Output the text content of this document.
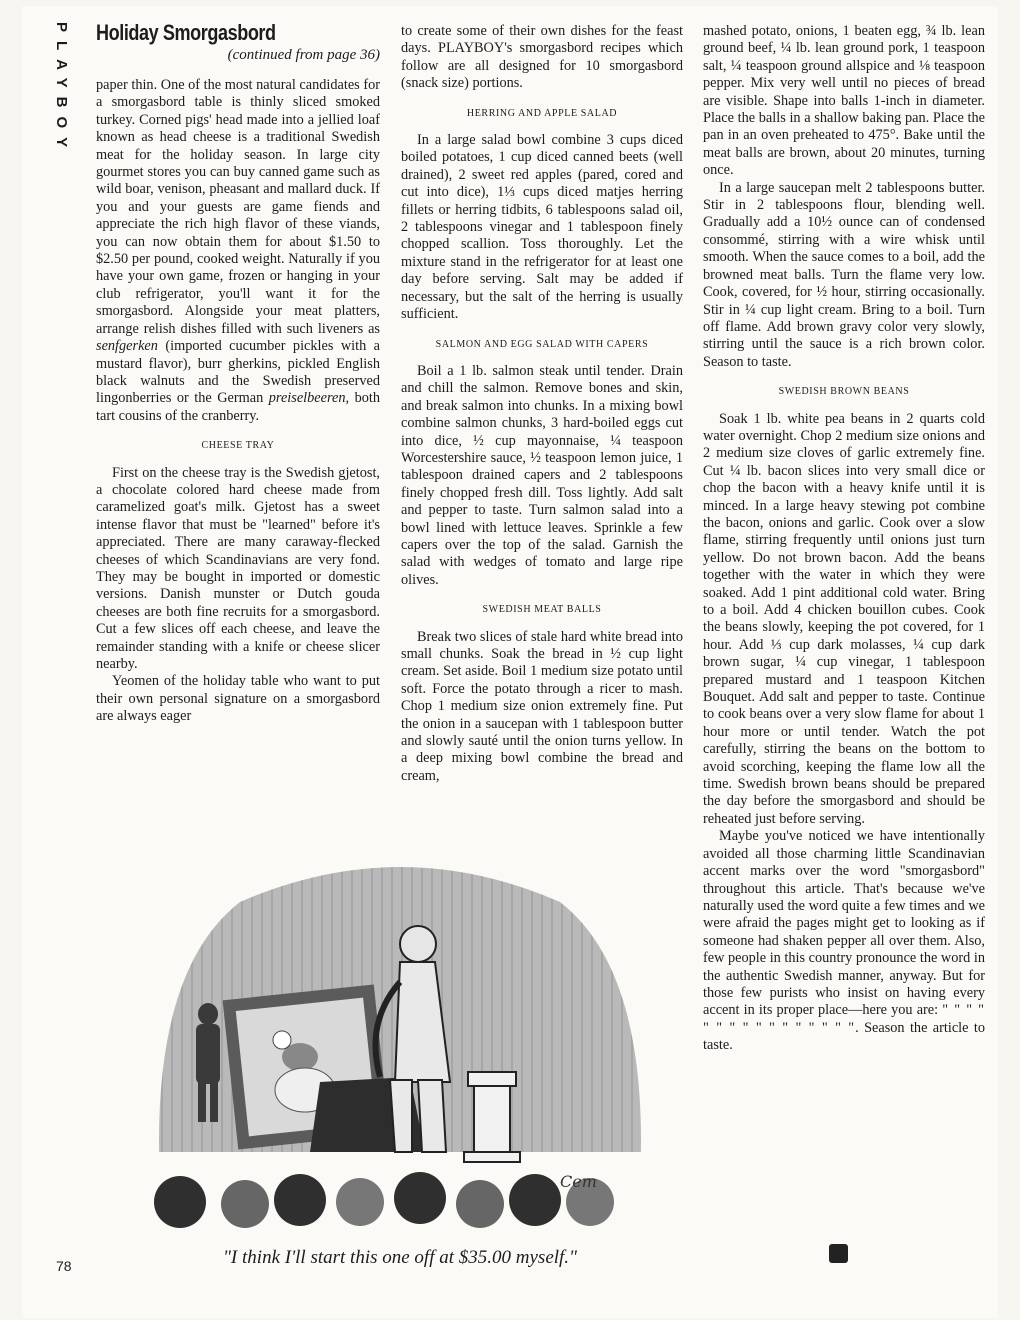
PLAYBOY Holiday Smorgasbord
(continued from page 36)

paper thin. One of the most natural candidates for a smorgasbord table is thinly sliced smoked turkey. Corned pigs' head made into a jellied loaf known as head cheese is a traditional Swedish meat for the holiday season. In large city gourmet stores you can buy canned game such as wild boar, venison, pheasant and mallard duck. If you and your guests are game fiends and appreciate the rich high flavor of these viands, you can now obtain them for about $1.50 to $2.50 per pound, cooked weight. Naturally if you have your own game, frozen or hanging in your club refrigerator, you'll want it for the smorgasbord. Alongside your meat platters, arrange relish dishes filled with such liveners as senfgerken (imported cucumber pickles with a mustard flavor), burr gherkins, pickled English black walnuts and the Swedish preserved lingonberries or the German preiselbeeren, both tart cousins of the cranberry.

CHEESE TRAY

First on the cheese tray is the Swedish gjetost, a chocolate colored hard cheese made from caramelized goat's milk. Gjetost has a sweet intense flavor that must be "learned" before it's appreciated. There are many caraway-flecked cheeses of which Scandinavians are very fond. They may be bought in imported or domestic versions. Danish munster or Dutch gouda cheeses are both fine recruits for a smorgasbord. Cut a few slices off each cheese, and leave the remainder standing with a knife or cheese slicer nearby.

Yeomen of the holiday table who want to put their own personal signature on a smorgasbord are always eager

to create some of their own dishes for the feast days. PLAYBOY's smorgasbord recipes which follow are all designed for 10 smorgasbord (snack size) portions.

HERRING AND APPLE SALAD

In a large salad bowl combine 3 cups diced boiled potatoes, 1 cup diced canned beets (well drained), 2 sweet red apples (pared, cored and cut into dice), 1⅓ cups diced matjes herring fillets or herring tidbits, 6 tablespoons salad oil, 2 tablespoons vinegar and 1 tablespoon finely chopped scallion. Toss thoroughly. Let the mixture stand in the refrigerator for at least one day before serving. Salt may be added if necessary, but the salt of the herring is usually sufficient.

SALMON AND EGG SALAD WITH CAPERS

Boil a 1 lb. salmon steak until tender. Drain and chill the salmon. Remove bones and skin, and break salmon into chunks. In a mixing bowl combine salmon chunks, 3 hard-boiled eggs cut into dice, ½ cup mayonnaise, ¼ teaspoon Worcestershire sauce, ½ teaspoon lemon juice, 1 tablespoon drained capers and 2 tablespoons finely chopped fresh dill. Toss lightly. Add salt and pepper to taste. Turn salmon salad into a bowl lined with lettuce leaves. Sprinkle a few capers over the top of the salad. Garnish the salad with wedges of tomato and large ripe olives.

SWEDISH MEAT BALLS

Break two slices of stale hard white bread into small chunks. Soak the bread in ½ cup light cream. Set aside. Boil 1 medium size potato until soft. Force the potato through a ricer to mash. Chop 1 medium size onion extremely fine. Put the onion in a saucepan with 1 tablespoon butter and slowly sauté until the onion turns yellow. In a deep mixing bowl combine the bread and cream,

mashed potato, onions, 1 beaten egg, ¾ lb. lean ground beef, ¼ lb. lean ground pork, 1 teaspoon salt, ¼ teaspoon ground allspice and ⅛ teaspoon pepper. Mix very well until no pieces of bread are visible. Shape into balls 1-inch in diameter. Place the balls in a shallow baking pan. Place the pan in an oven preheated to 475°. Bake until the meat balls are brown, about 20 minutes, turning once.

In a large saucepan melt 2 tablespoons butter. Stir in 2 tablespoons flour, blending well. Gradually add a 10½ ounce can of condensed consommé, stirring with a wire whisk until smooth. When the sauce comes to a boil, add the browned meat balls. Turn the flame very low. Cook, covered, for ½ hour, stirring occasionally. Stir in ¼ cup light cream. Bring to a boil. Turn off flame. Add brown gravy color very slowly, stirring until the sauce is a rich brown color. Season to taste.

SWEDISH BROWN BEANS

Soak 1 lb. white pea beans in 2 quarts cold water overnight. Chop 2 medium size onions and 2 medium size cloves of garlic extremely fine. Cut ¼ lb. bacon slices into very small dice or chop the bacon with a heavy knife until it is minced. In a large heavy stewing pot combine the bacon, onions and garlic. Cook over a slow flame, stirring frequently until onions just turn yellow. Do not brown bacon. Add the beans together with the water in which they were soaked. Add 1 pint additional cold water. Bring to a boil. Add 4 chicken bouillon cubes. Cook the beans slowly, keeping the pot covered, for 1 hour. Add ⅓ cup dark molasses, ¼ cup dark brown sugar, ¼ cup vinegar, 1 tablespoon prepared mustard and 1 teaspoon Kitchen Bouquet. Add salt and pepper to taste. Continue to cook beans over a very slow flame for about 1 hour more or until tender. Watch the pot carefully, stirring the beans on the bottom to avoid scorching, keeping the flame low all the time. Swedish brown beans should be prepared the day before the smorgasbord and should be reheated just before serving.

Maybe you've noticed we have intentionally avoided all those charming little Scandinavian accent marks over the word "smorgasbord" throughout this article. That's because we've naturally used the word quite a few times and we were afraid the pages might get to looking as if someone had shaken pepper all over them. Also, few people in this country pronounce the word in the authentic Swedish manner, anyway. But for those few purists who insist on having every accent in its proper place—here you are: " " " " " " " " " " " " " " " ". Season the article to taste.

Cem
"I think I'll start this one off at $35.00 myself."
78
